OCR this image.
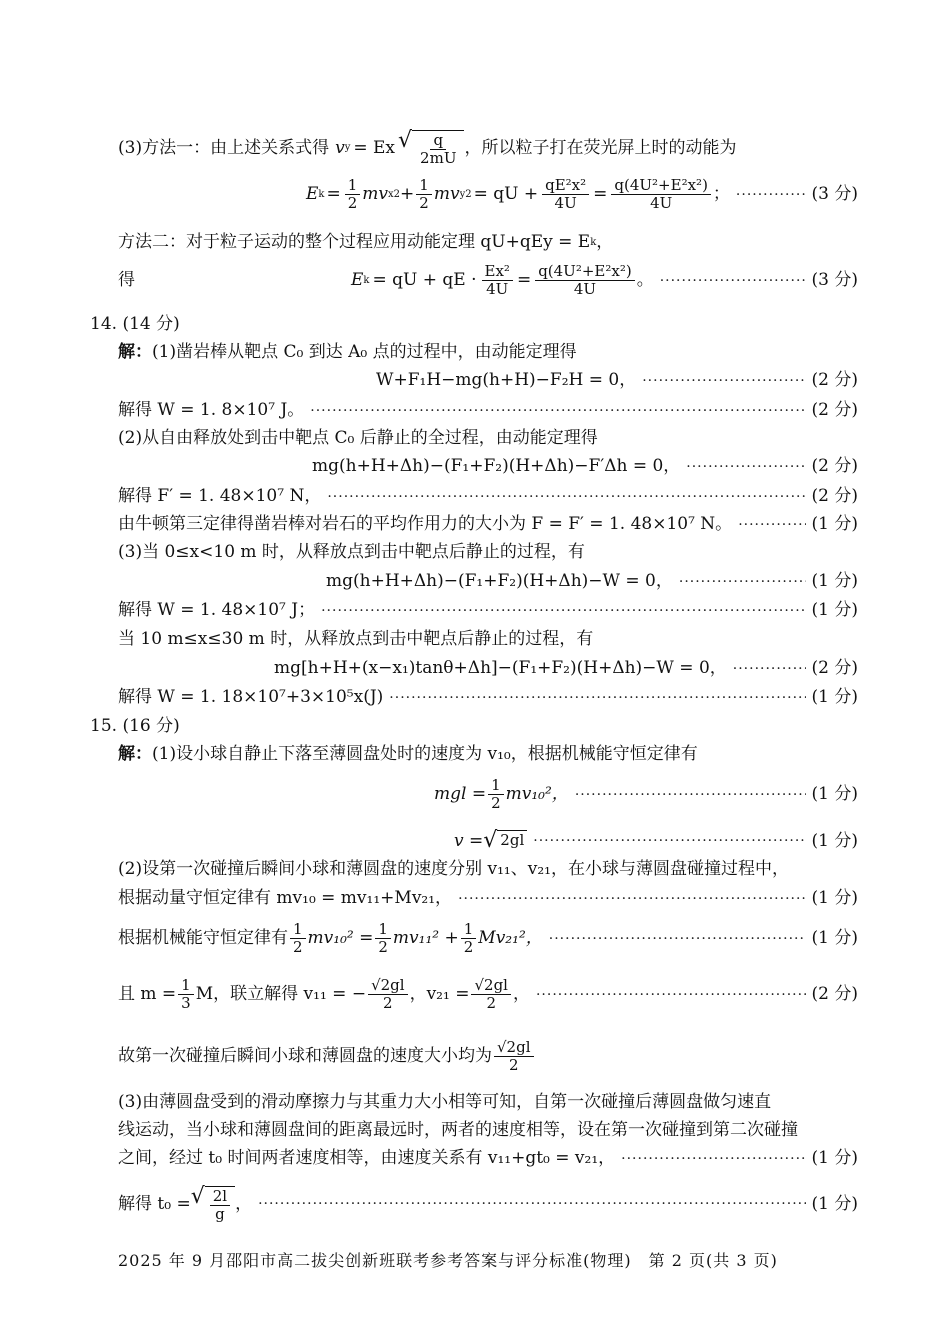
(3)方法一：由上述关系式得 v y = Ex √ $\frac{q}{2mU}$ ，所以粒子打在荧光屏上时的动能为
E $k = \frac{1}{2}$ mv x $2 + \frac{1}{2}$ mv y 2 = qU + $\frac{\text{qE²x²}}{4U} = \frac{\text{q(4U²+E²x²)}}{4U}$ ； ·····	(3 分)
方法二：对于粒子运动的整个过程应用动能定理 qU+qEy = E k ，
得	E k = qU + qE · $\frac{\text{Ex²}}{4U} = \frac{\text{q(4U²+E²x²)}}{4U}$ 。 ·····	(3 分)
14. (14 分)
解： (1)凿岩棒从靶点 C₀ 到达 A₀ 点的过程中，由动能定理得
W+F₁H−mg(h+H)−F₂H = 0， ·····	(2 分)
解得 W = 1. 8×10⁷ J。 ·····	(2 分)
(2)从自由释放处到击中靶点 C₀ 后静止的全过程，由动能定理得
mg(h+H+Δh)−(F₁+F₂)(H+Δh)−F′Δh = 0， ·····	(2 分)
解得 F′ = 1. 48×10⁷ N， ·····	(2 分)
由牛顿第三定律得凿岩棒对岩石的平均作用力的大小为 F = F′ = 1. 48×10⁷ N。 ·····	(1 分)
(3)当 0≤x<10 m 时，从释放点到击中靶点后静止的过程，有
mg(h+H+Δh)−(F₁+F₂)(H+Δh)−W = 0， ·····	(1 分)
解得 W = 1. 48×10⁷ J； ·····	(1 分)
当 10 m≤x≤30 m 时，从释放点到击中靶点后静止的过程，有
mg[h+H+(x−x₁)tanθ+Δh]−(F₁+F₂)(H+Δh)−W = 0， ·····	(2 分)
解得 W = 1. 18×10⁷+3×10⁵x(J) ·····	(1 分)
15. (16 分)
解： (1)设小球自静止下落至薄圆盘处时的速度为 v₁₀，根据机械能守恒定律有
mgl = $\frac{1}{2} mv_{10}^2$， ·····	(1 分)
v = √ 2gl ·····	(1 分)
(2)设第一次碰撞后瞬间小球和薄圆盘的速度分别 v₁₁、v₂₁，在小球与薄圆盘碰撞过程中，
根据动量守恒定律有 mv₁₀ = mv₁₁+Mv₂₁， ·····	(1 分)
根据机械能守恒定律有 $\frac{1}{2} mv_{10}^2 = \frac{1}{2} mv_{11}^2 + \frac{1}{2} Mv_{21}^2$， ·····	(1 分)
且 $m = \frac{1}{3}$ M，联立解得 v₁₁ = − $\frac{√2gl}{2}$ ，$v_{21} = \frac{√2gl}{2}$ ， ·····	(2 分)
故第一次碰撞后瞬间小球和薄圆盘的速度大小均为 $\frac{√2gl}{2}$
(3)由薄圆盘受到的滑动摩擦力与其重力大小相等可知，自第一次碰撞后薄圆盘做匀速直
线运动，当小球和薄圆盘间的距离最远时，两者的速度相等，设在第一次碰撞到第二次碰撞
之间，经过 t₀ 时间两者速度相等，由速度关系有 v₁₁+gt₀ = v₂₁， ·····	(1 分)
解得 t₀ = √ $\frac{2l}{g}$ ， ·····	(1 分)
2025 年 9 月邵阳市高二拔尖创新班联考参考答案与评分标准(物理)　第 2 页(共 3 页)
